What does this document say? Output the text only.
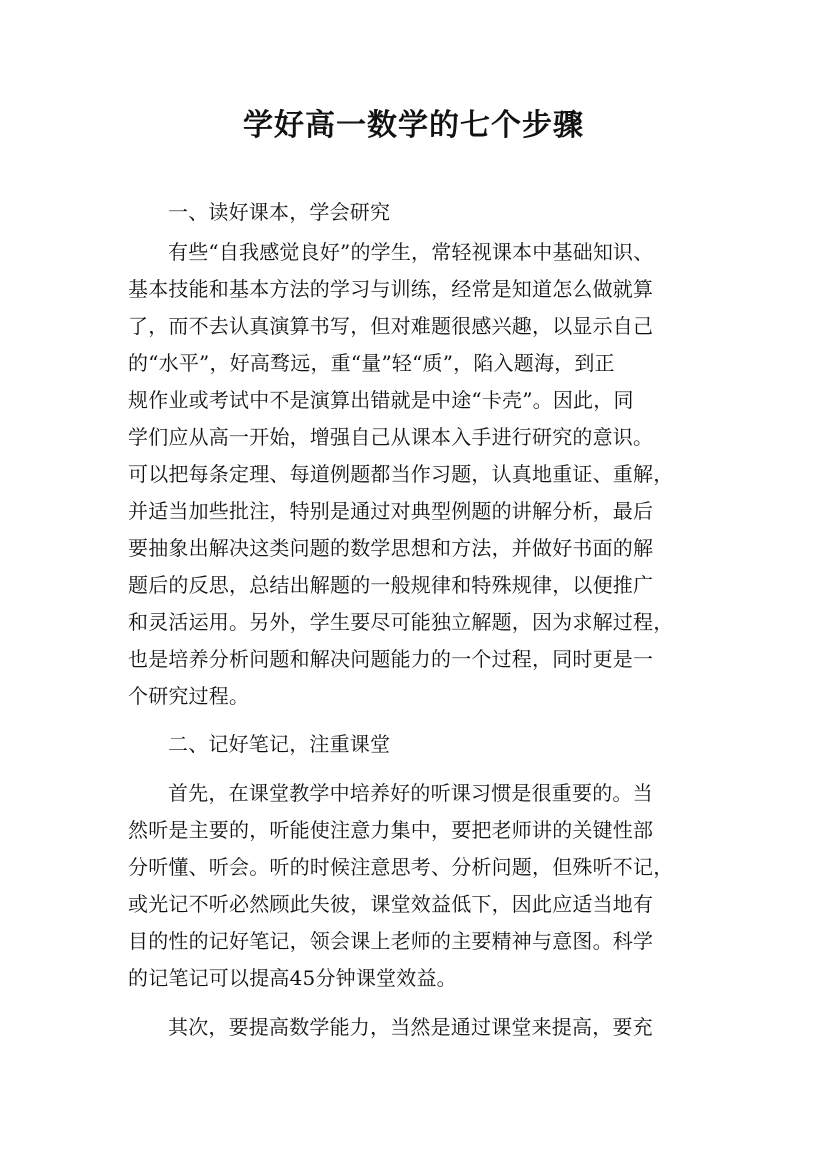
学好高一数学的七个步骤
一、读好课本，学会研究
有些“自我感觉良好”的学生，常轻视课本中基础知识、
基本技能和基本方法的学习与训练，经常是知道怎么做就算
了，而不去认真演算书写，但对难题很感兴趣，以显示自己
的“水平”，好高骛远，重“量”轻“质”，陷入题海，到正
规作业或考试中不是演算出错就是中途“卡壳”。因此，同
学们应从高一开始，增强自己从课本入手进行研究的意识。
可以把每条定理、每道例题都当作习题，认真地重证、重解，
并适当加些批注，特别是通过对典型例题的讲解分析，最后
要抽象出解决这类问题的数学思想和方法，并做好书面的解
题后的反思，总结出解题的一般规律和特殊规律，以便推广
和灵活运用。另外，学生要尽可能独立解题，因为求解过程，
也是培养分析问题和解决问题能力的一个过程，同时更是一
个研究过程。
二、记好笔记，注重课堂
首先，在课堂教学中培养好的听课习惯是很重要的。当
然听是主要的，听能使注意力集中，要把老师讲的关键性部
分听懂、听会。听的时候注意思考、分析问题，但殊听不记，
或光记不听必然顾此失彼，课堂效益低下，因此应适当地有
目的性的记好笔记，领会课上老师的主要精神与意图。科学
的记笔记可以提高45分钟课堂效益。
其次，要提高数学能力，当然是通过课堂来提高，要充
